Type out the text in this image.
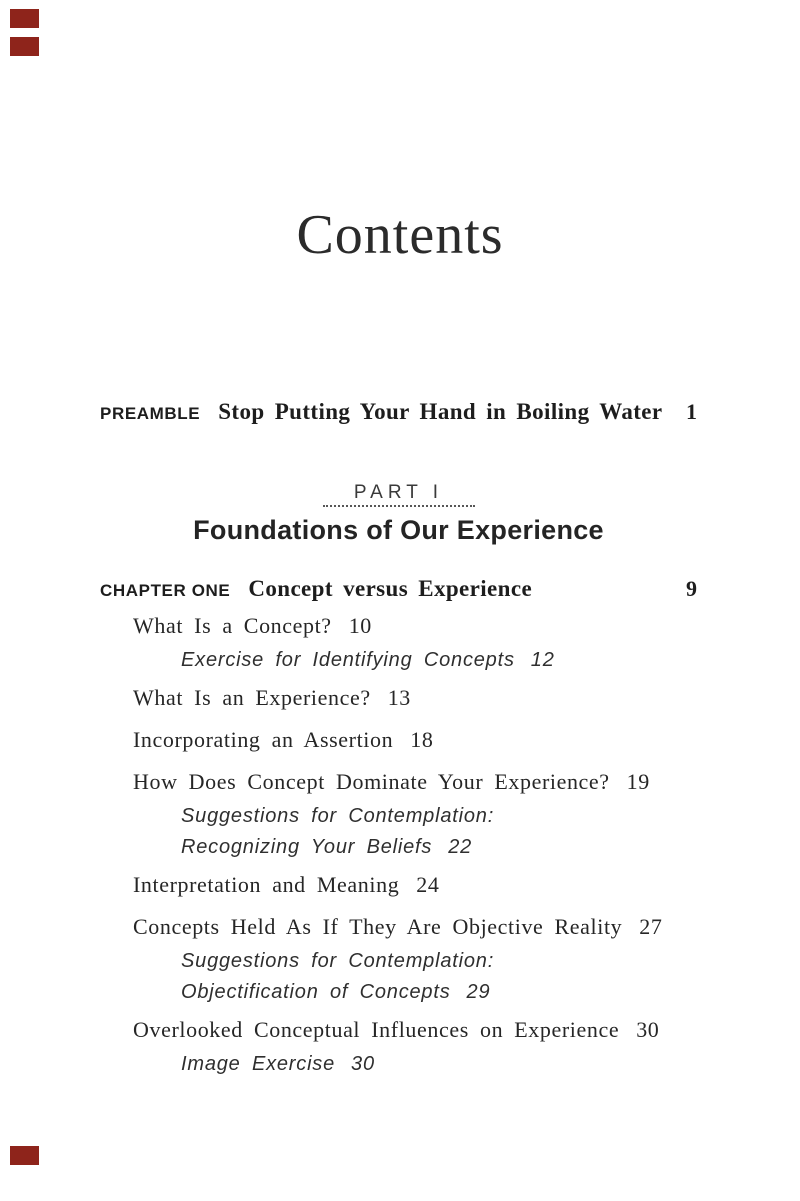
Contents
PREAMBLE Stop Putting Your Hand in Boiling Water 1
PART I
Foundations of Our Experience
CHAPTER ONE Concept versus Experience	9
What Is a Concept? 10
Exercise for Identifying Concepts 12
What Is an Experience? 13
Incorporating an Assertion 18
How Does Concept Dominate Your Experience? 19
Suggestions for Contemplation:
Recognizing Your Beliefs 22
Interpretation and Meaning 24
Concepts Held As If They Are Objective Reality 27
Suggestions for Contemplation:
Objectification of Concepts 29
Overlooked Conceptual Influences on Experience 30
Image Exercise 30
